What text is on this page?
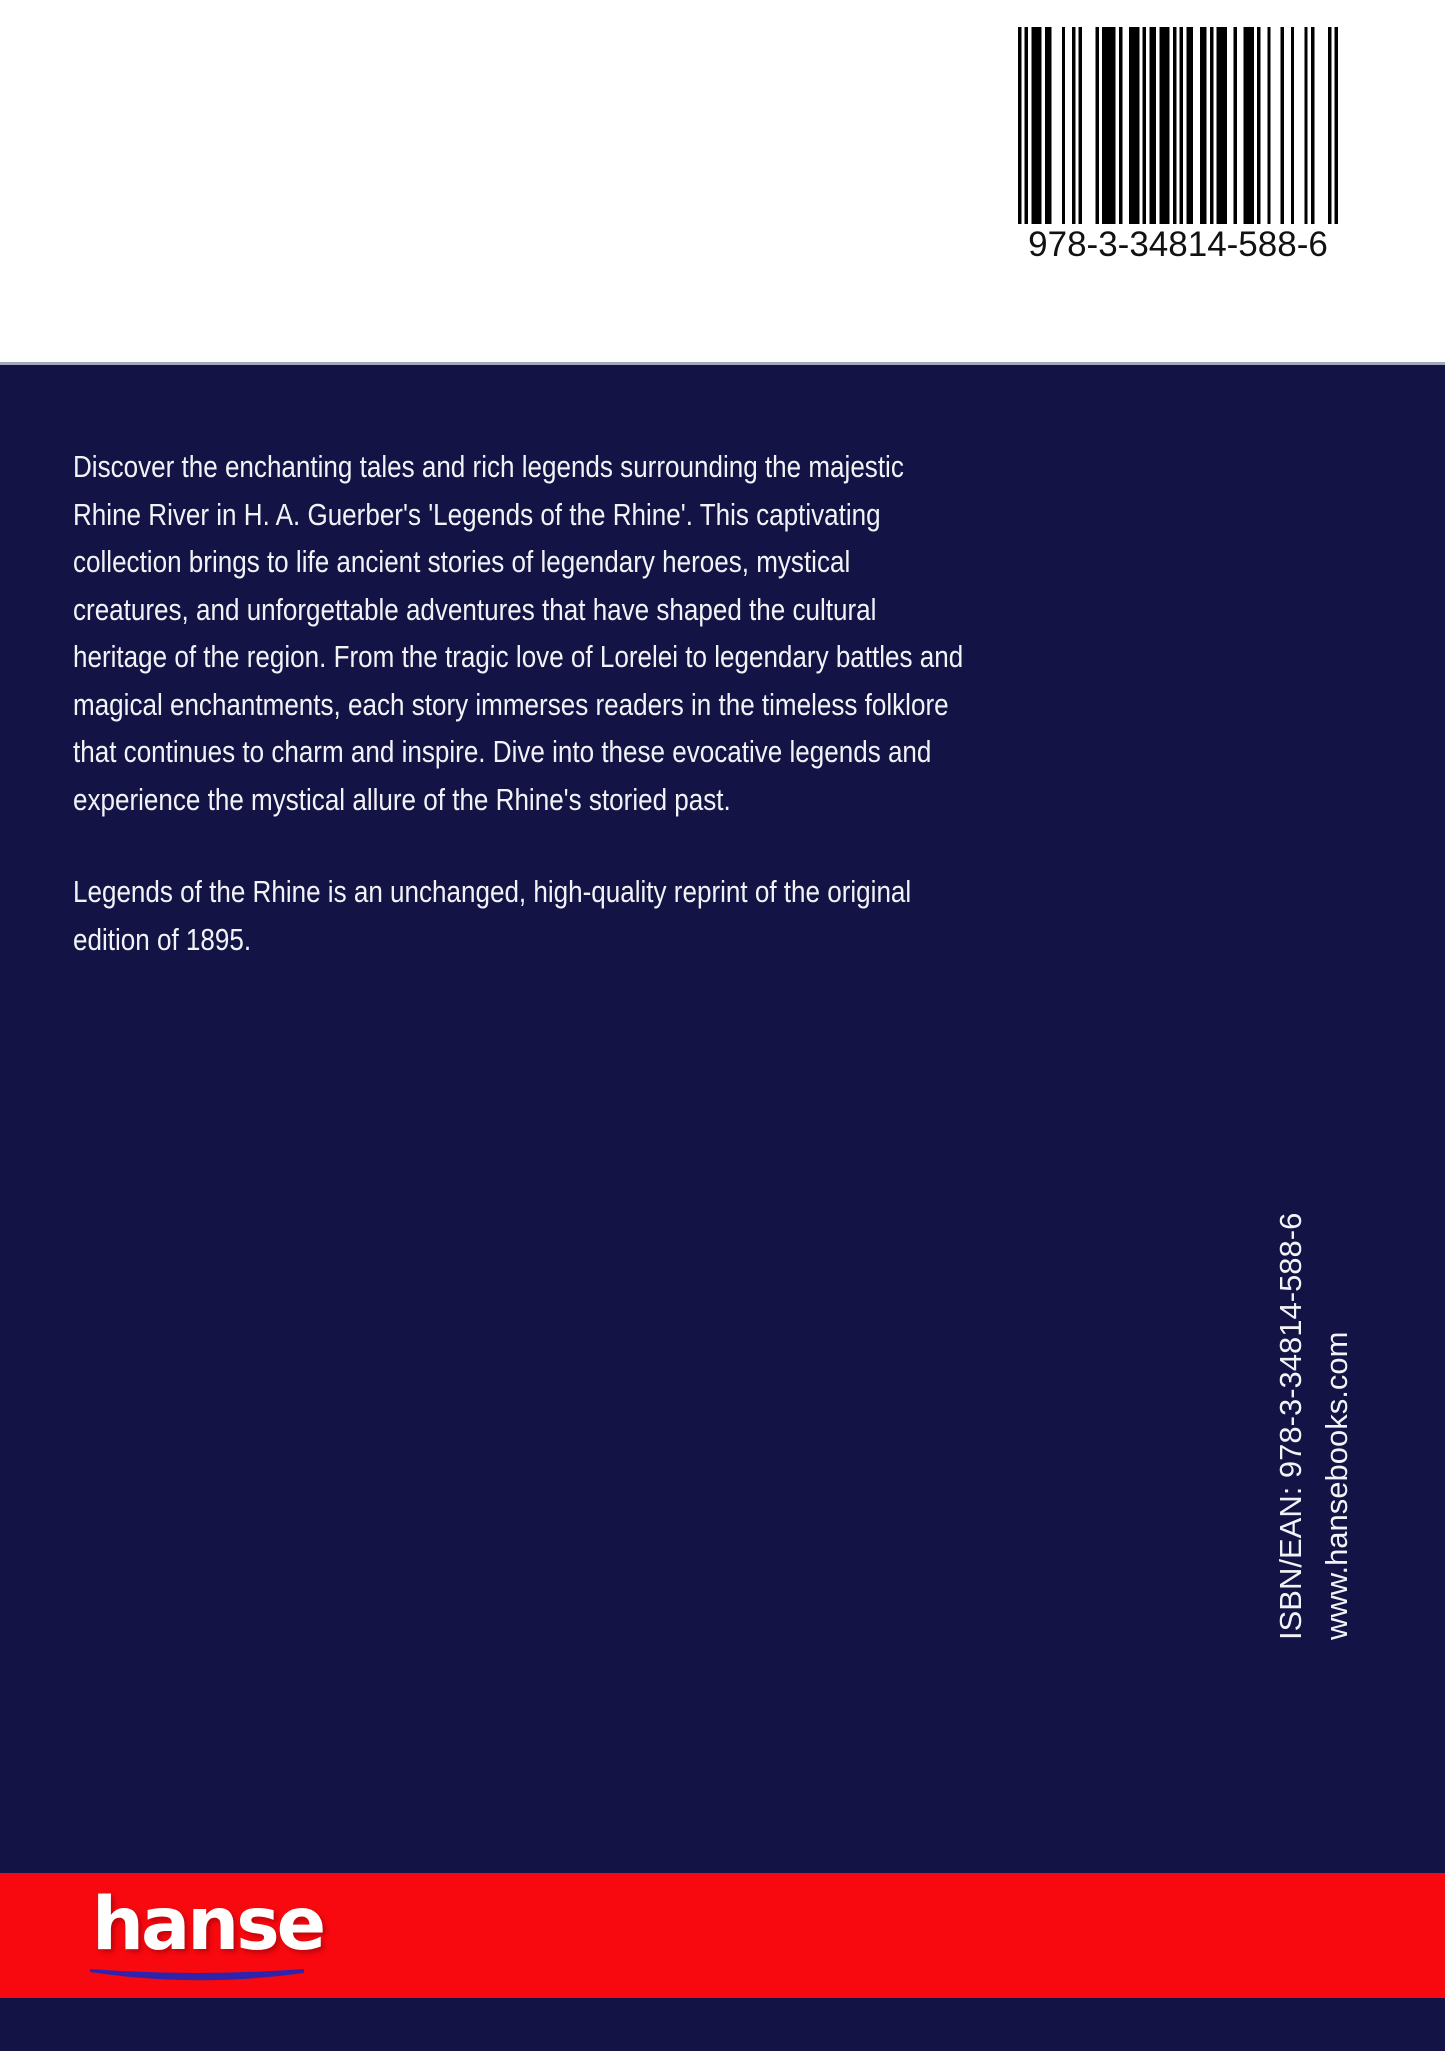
978-3-34814-588-6
Discover the enchanting tales and rich legends surrounding the majestic
Rhine River in H. A. Guerber's 'Legends of the Rhine'. This captivating
collection brings to life ancient stories of legendary heroes, mystical
creatures, and unforgettable adventures that have shaped the cultural
heritage of the region. From the tragic love of Lorelei to legendary battles and
magical enchantments, each story immerses readers in the timeless folklore
that continues to charm and inspire. Dive into these evocative legends and
experience the mystical allure of the Rhine's storied past.
Legends of the Rhine is an unchanged, high-quality reprint of the original
edition of 1895.
ISBN/EAN: 978-3-34814-588-6 www.hansebooks.com
hanse
